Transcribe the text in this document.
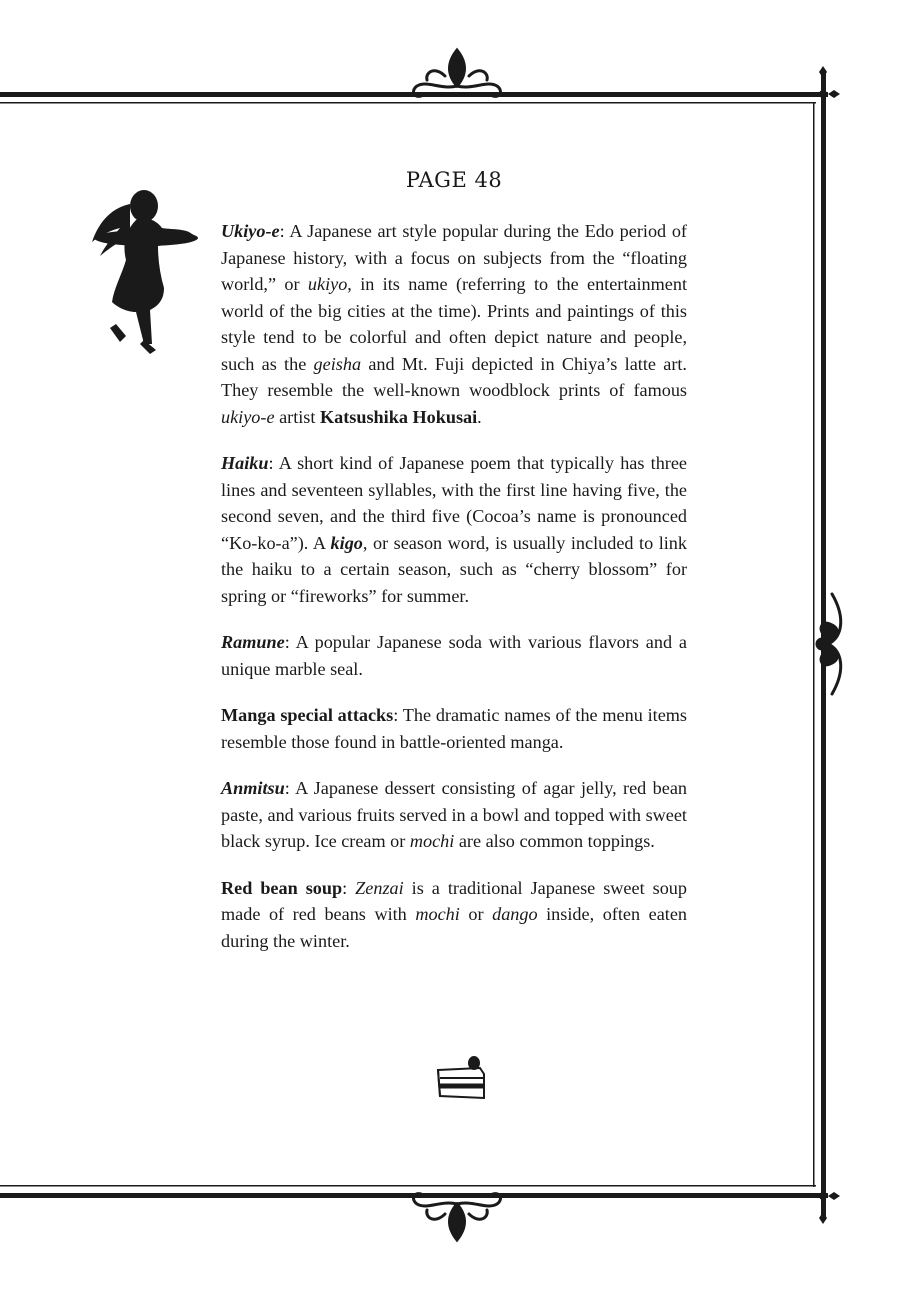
PAGE 48

Ukiyo-e: A Japanese art style popular during the Edo period of Japanese history, with a focus on subjects from the “floating world,” or ukiyo, in its name (referring to the entertainment world of the big cities at the time). Prints and paintings of this style tend to be colorful and often depict nature and people, such as the geisha and Mt. Fuji depicted in Chiya’s latte art. They resemble the well-known woodblock prints of famous ukiyo-e artist Katsushika Hokusai.

Haiku: A short kind of Japanese poem that typically has three lines and seventeen syllables, with the first line having five, the second seven, and the third five (Cocoa’s name is pronounced “Ko-ko-a”). A kigo, or season word, is usually included to link the haiku to a certain season, such as “cherry blossom” for spring or “fireworks” for summer.

Ramune: A popular Japanese soda with various flavors and a unique marble seal.

Manga special attacks: The dramatic names of the menu items resemble those found in battle-oriented manga.

Anmitsu: A Japanese dessert consisting of agar jelly, red bean paste, and various fruits served in a bowl and topped with sweet black syrup. Ice cream or mochi are also common toppings.

Red bean soup: Zenzai is a traditional Japanese sweet soup made of red beans with mochi or dango inside, often eaten during the winter.
